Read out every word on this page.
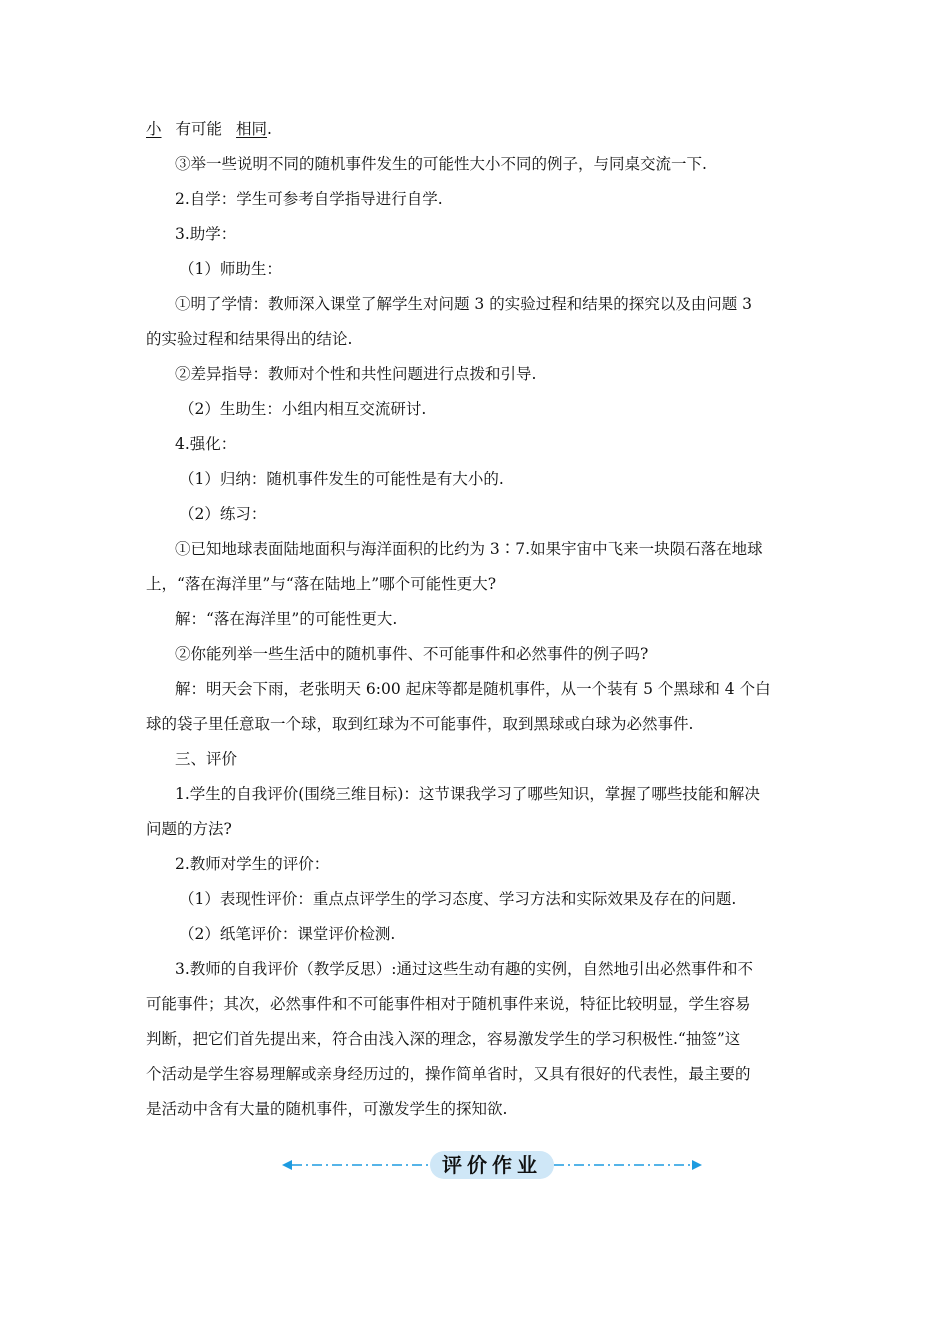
小 有可能 相同.
③举一些说明不同的随机事件发生的可能性大小不同的例子，与同桌交流一下.
2.自学：学生可参考自学指导进行自学.
3.助学：
（1）师助生：
①明了学情：教师深入课堂了解学生对问题 3 的实验过程和结果的探究以及由问题 3
的实验过程和结果得出的结论.
②差异指导：教师对个性和共性问题进行点拨和引导.
（2）生助生：小组内相互交流研讨.
4.强化：
（1）归纳：随机事件发生的可能性是有大小的.
（2）练习：
①已知地球表面陆地面积与海洋面积的比约为 3∶7.如果宇宙中飞来一块陨石落在地球
上，“落在海洋里”与“落在陆地上”哪个可能性更大?
解：“落在海洋里”的可能性更大.
②你能列举一些生活中的随机事件、不可能事件和必然事件的例子吗?
解：明天会下雨，老张明天 6:00 起床等都是随机事件，从一个装有 5 个黑球和 4 个白
球的袋子里任意取一个球，取到红球为不可能事件，取到黑球或白球为必然事件.
三、评价
1.学生的自我评价(围绕三维目标)：这节课我学习了哪些知识，掌握了哪些技能和解决
问题的方法?
2.教师对学生的评价：
（1）表现性评价：重点点评学生的学习态度、学习方法和实际效果及存在的问题.
（2）纸笔评价：课堂评价检测.
3.教师的自我评价（教学反思）:通过这些生动有趣的实例，自然地引出必然事件和不
可能事件；其次，必然事件和不可能事件相对于随机事件来说，特征比较明显，学生容易
判断，把它们首先提出来，符合由浅入深的理念，容易激发学生的学习积极性.“抽签”这
个活动是学生容易理解或亲身经历过的，操作简单省时，又具有很好的代表性，最主要的
是活动中含有大量的随机事件，可激发学生的探知欲.
评价作业
